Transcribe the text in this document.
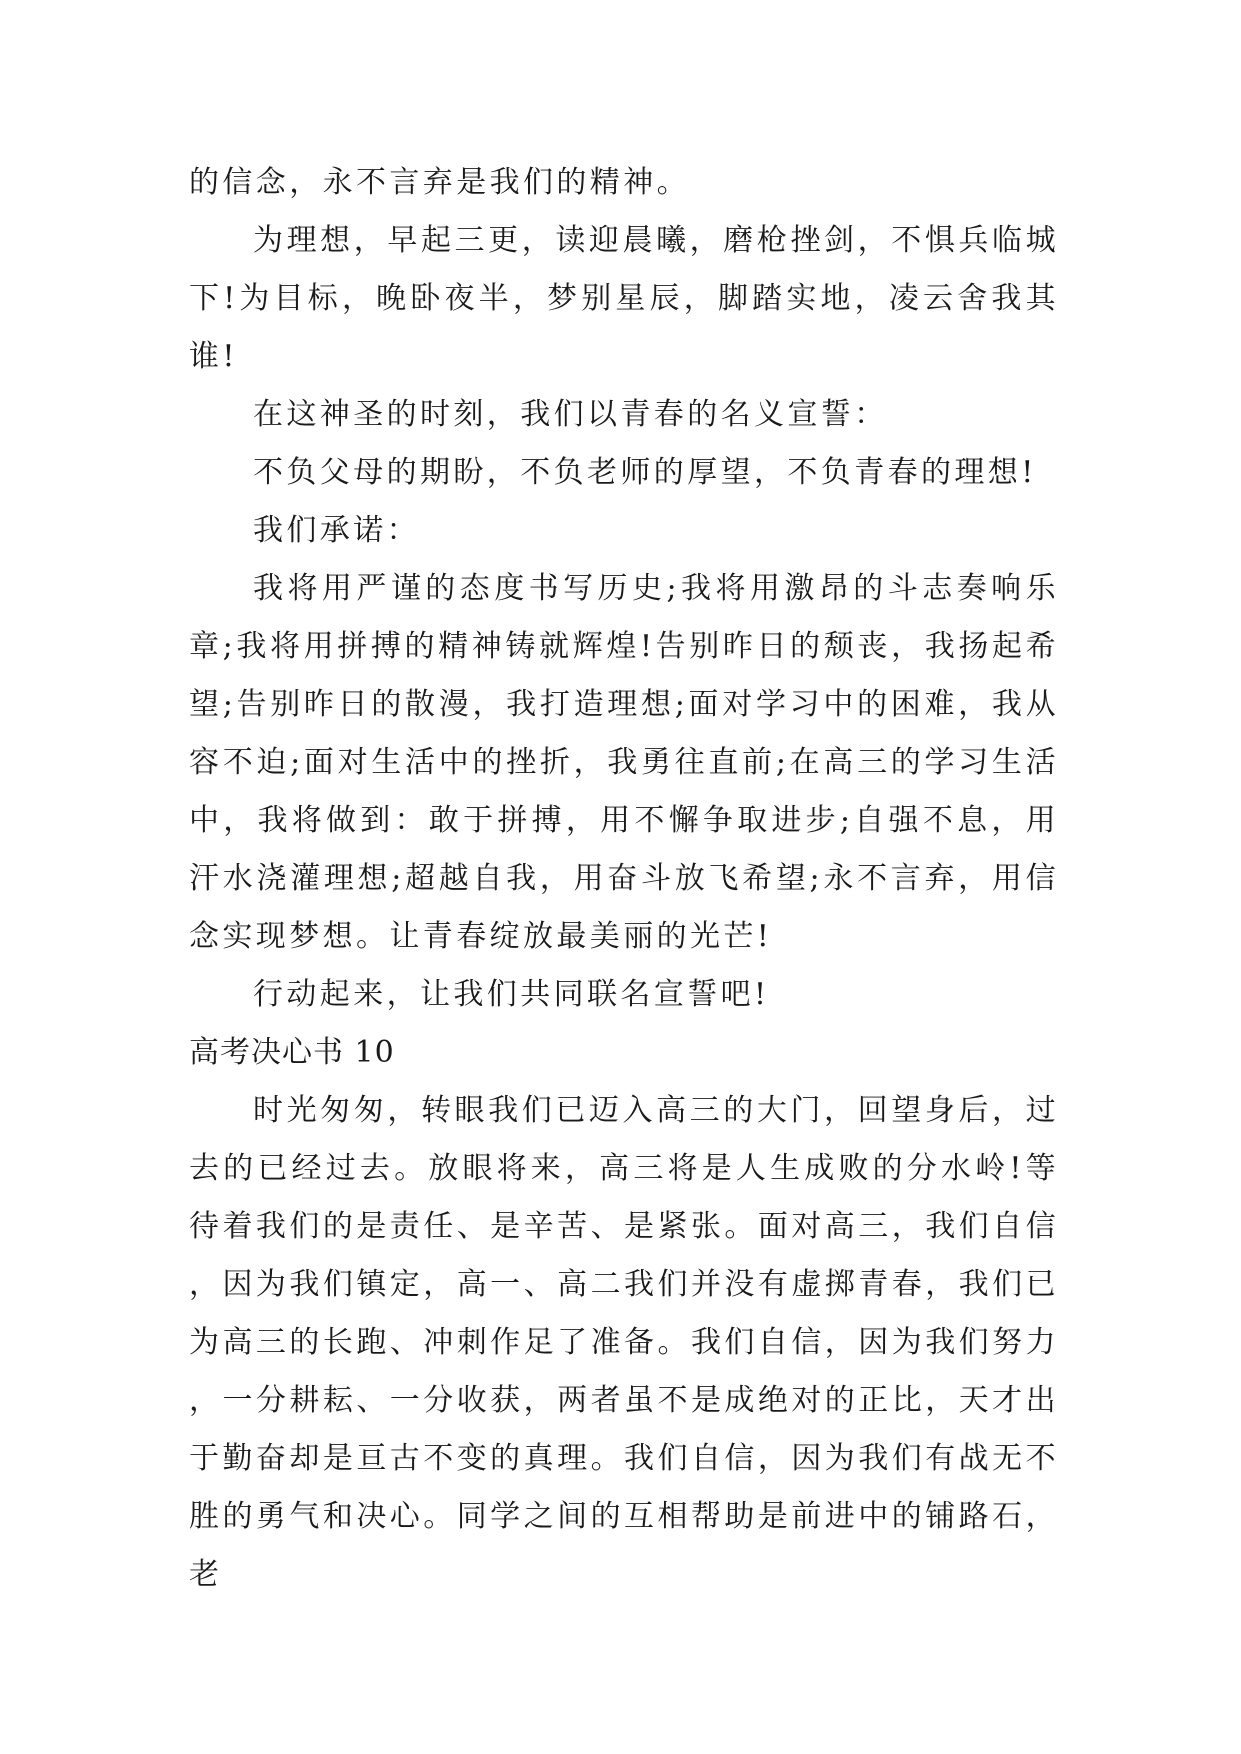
的信念，永不言弃是我们的精神。

为理想，早起三更，读迎晨曦，磨枪挫剑，不惧兵临城下!为目标，晚卧夜半，梦别星辰，脚踏实地，凌云舍我其谁!

在这神圣的时刻，我们以青春的名义宣誓：

不负父母的期盼，不负老师的厚望，不负青春的理想!

我们承诺：

我将用严谨的态度书写历史;我将用激昂的斗志奏响乐章;我将用拼搏的精神铸就辉煌!告别昨日的颓丧，我扬起希望;告别昨日的散漫，我打造理想;面对学习中的困难，我从容不迫;面对生活中的挫折，我勇往直前;在高三的学习生活中，我将做到：敢于拼搏，用不懈争取进步;自强不息，用汗水浇灌理想;超越自我，用奋斗放飞希望;永不言弃，用信念实现梦想。让青春绽放最美丽的光芒!

行动起来，让我们共同联名宣誓吧!

高考决心书 10

时光匆匆，转眼我们已迈入高三的大门，回望身后，过去的已经过去。放眼将来，高三将是人生成败的分水岭!等待着我们的是责任、是辛苦、是紧张。面对高三，我们自信，因为我们镇定，高一、高二我们并没有虚掷青春，我们已为高三的长跑、冲刺作足了准备。我们自信，因为我们努力，一分耕耘、一分收获，两者虽不是成绝对的正比，天才出于勤奋却是亘古不变的真理。我们自信，因为我们有战无不胜的勇气和决心。同学之间的互相帮助是前进中的铺路石，老
